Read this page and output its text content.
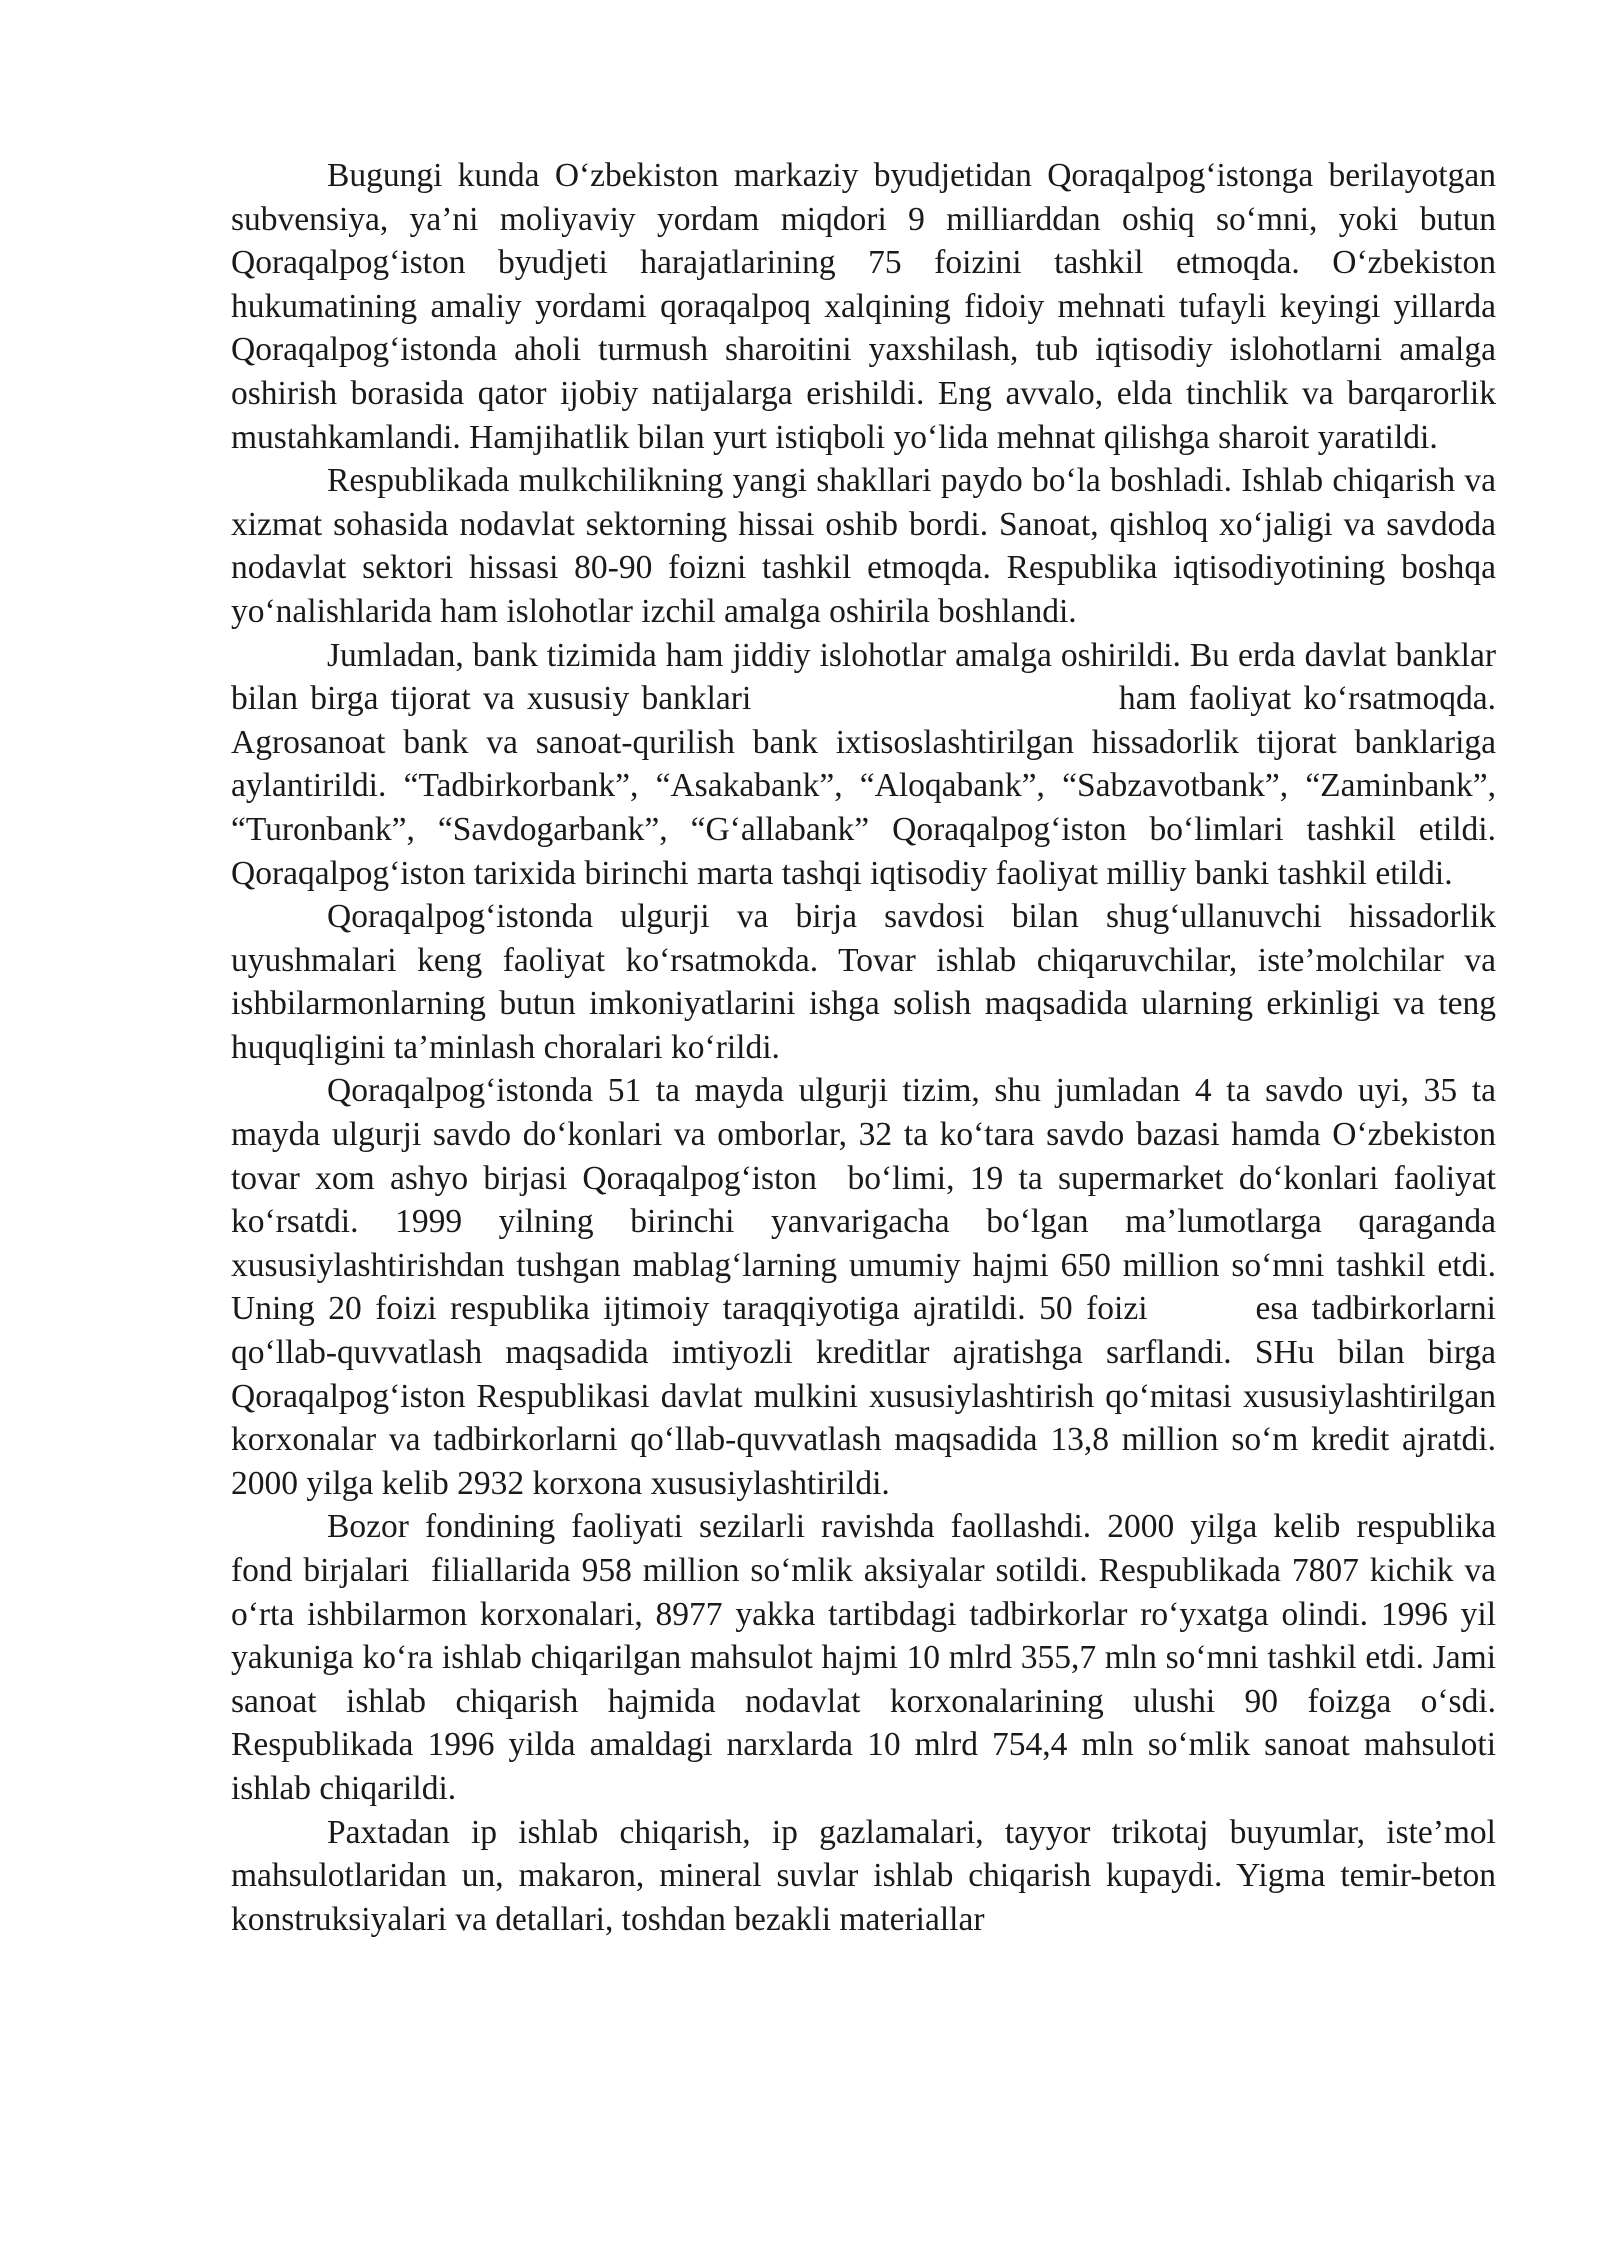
Bugungi kunda O‘zbekiston markaziy byudjetidan Qoraqalpog‘istonga berilayotgan subvensiya, ya’ni moliyaviy yordam miqdori 9 milliarddan oshiq so‘mni, yoki butun Qoraqalpog‘iston byudjeti harajatlarining 75 foizini tashkil etmoqda. O‘zbekiston hukumatining amaliy yordami qoraqalpoq xalqining fidoiy mehnati tufayli keyingi yillarda Qoraqalpog‘istonda aholi turmush sharoitini yaxshilash, tub iqtisodiy islohotlarni amalga oshirish borasida qator ijobiy natijalarga erishildi. Eng avvalo, elda tinchlik va barqarorlik mustahkamlandi. Hamjihatlik bilan yurt istiqboli yo‘lida mehnat qilishga sharoit yaratildi.

Respublikada mulkchilikning yangi shakllari paydo bo‘la boshladi. Ishlab chiqarish va xizmat sohasida nodavlat sektorning hissai oshib bordi. Sanoat, qishloq xo‘jaligi va savdoda nodavlat sektori hissasi 80-90 foizni tashkil etmoqda. Respublika iqtisodiyotining boshqa yo‘nalishlarida ham islohotlar izchil amalga oshirila boshlandi.

Jumladan, bank tizimida ham jiddiy islohotlar amalga oshirildi. Bu erda davlat banklar bilan birga tijorat va xususiy banklari                              ham faoliyat ko‘rsatmoqda. Agrosanoat bank va sanoat-qurilish bank ixtisoslashtirilgan hissadorlik tijorat banklariga aylantirildi. “Tadbirkorbank”, “Asakabank”, “Aloqabank”, “Sabzavotbank”, “Zaminbank”, “Turonbank”, “Savdogarbank”, “G‘allabank” Qoraqalpog‘iston bo‘limlari tashkil etildi. Qoraqalpog‘iston tarixida birinchi marta tashqi iqtisodiy faoliyat milliy banki tashkil etildi.

Qoraqalpog‘istonda ulgurji va birja savdosi bilan shug‘ullanuvchi hissadorlik uyushmalari keng faoliyat ko‘rsatmokda. Tovar ishlab chiqaruvchilar, iste’molchilar va ishbilarmonlarning butun imkoniyatlarini ishga solish maqsadida ularning erkinligi va teng huquqligini ta’minlash choralari ko‘rildi.

Qoraqalpog‘istonda 51 ta mayda ulgurji tizim, shu jumladan 4 ta savdo uyi, 35 ta mayda ulgurji savdo do‘konlari va omborlar, 32 ta ko‘tara savdo bazasi hamda O‘zbekiston tovar xom ashyo birjasi Qoraqalpog‘iston  bo‘limi, 19 ta supermarket do‘konlari faoliyat ko‘rsatdi. 1999 yilning birinchi yanvarigacha bo‘lgan ma’lumotlarga qaraganda xususiylashtirishdan tushgan mablag‘larning umumiy hajmi 650 million so‘mni tashkil etdi. Uning 20 foizi respublika ijtimoiy taraqqiyotiga ajratildi. 50 foizi        esa tadbirkorlarni qo‘llab-quvvatlash maqsadida imtiyozli kreditlar ajratishga sarflandi. SHu bilan birga Qoraqalpog‘iston Respublikasi davlat mulkini xususiylashtirish qo‘mitasi xususiylashtirilgan korxonalar va tadbirkorlarni qo‘llab-quvvatlash maqsadida 13,8 million so‘m kredit ajratdi. 2000 yilga kelib 2932 korxona xususiylashtirildi.

Bozor fondining faoliyati sezilarli ravishda faollashdi. 2000 yilga kelib respublika fond birjalari  filiallarida 958 million so‘mlik aksiyalar sotildi. Respublikada 7807 kichik va o‘rta ishbilarmon korxonalari, 8977 yakka tartibdagi tadbirkorlar ro‘yxatga olindi. 1996 yil yakuniga ko‘ra ishlab chiqarilgan mahsulot hajmi 10 mlrd 355,7 mln so‘mni tashkil etdi. Jami sanoat ishlab chiqarish hajmida nodavlat korxonalarining ulushi 90 foizga o‘sdi. Respublikada 1996 yilda amaldagi narxlarda 10 mlrd 754,4 mln so‘mlik sanoat mahsuloti ishlab chiqarildi.

Paxtadan ip ishlab chiqarish, ip gazlamalari, tayyor trikotaj buyumlar, iste’mol mahsulotlaridan un, makaron, mineral suvlar ishlab chiqarish kupaydi. Yigma temir-beton konstruksiyalari va detallari, toshdan bezakli materiallar
